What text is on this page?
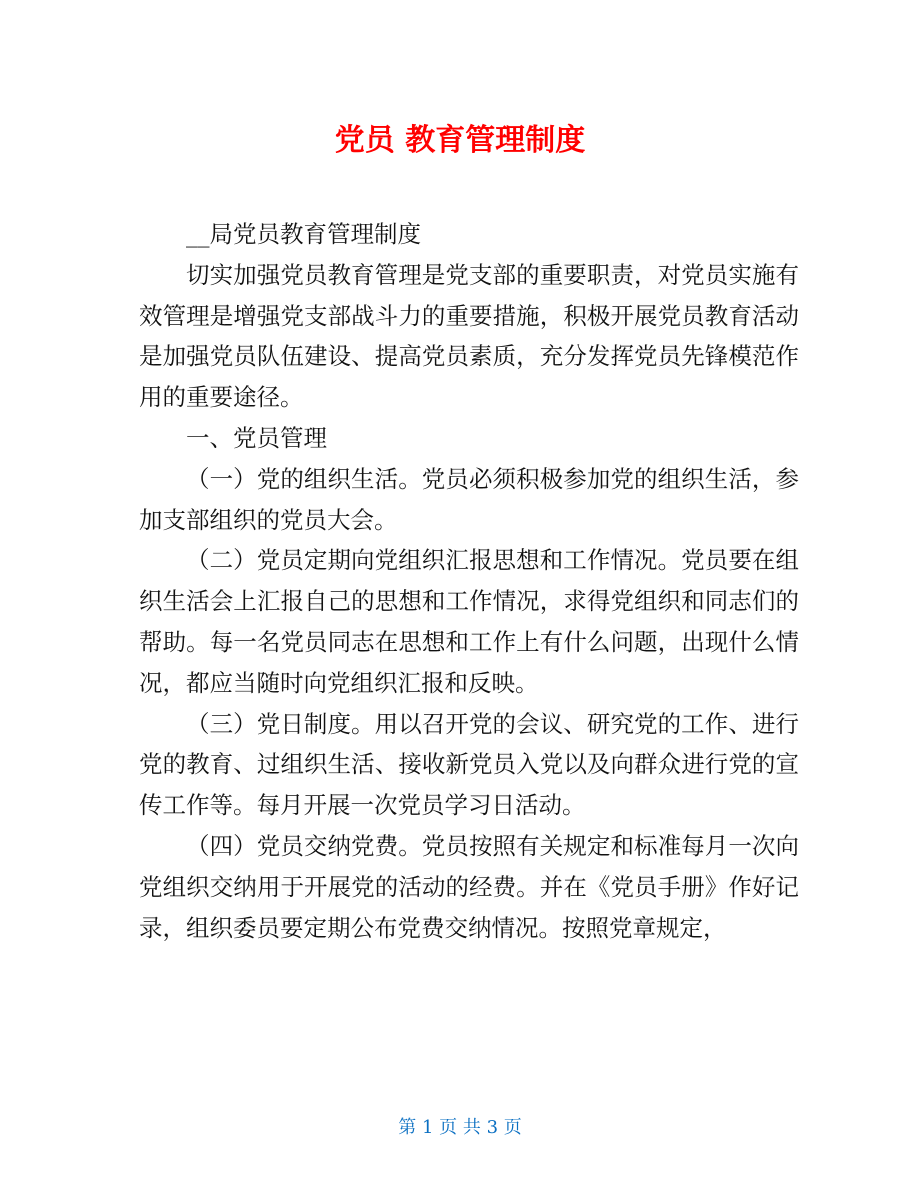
党员 教育管理制度

__局党员教育管理制度

切实加强党员教育管理是党支部的重要职责，对党员实施有效管理是增强党支部战斗力的重要措施，积极开展党员教育活动是加强党员队伍建设、提高党员素质，充分发挥党员先锋模范作用的重要途径。

一、党员管理

（一）党的组织生活。党员必须积极参加党的组织生活，参加支部组织的党员大会。

（二）党员定期向党组织汇报思想和工作情况。党员要在组织生活会上汇报自己的思想和工作情况，求得党组织和同志们的帮助。每一名党员同志在思想和工作上有什么问题，出现什么情况，都应当随时向党组织汇报和反映。

（三）党日制度。用以召开党的会议、研究党的工作、进行党的教育、过组织生活、接收新党员入党以及向群众进行党的宣传工作等。每月开展一次党员学习日活动。

（四）党员交纳党费。党员按照有关规定和标准每月一次向党组织交纳用于开展党的活动的经费。并在《党员手册》作好记录，组织委员要定期公布党费交纳情况。按照党章规定，

第 1 页 共 3 页
